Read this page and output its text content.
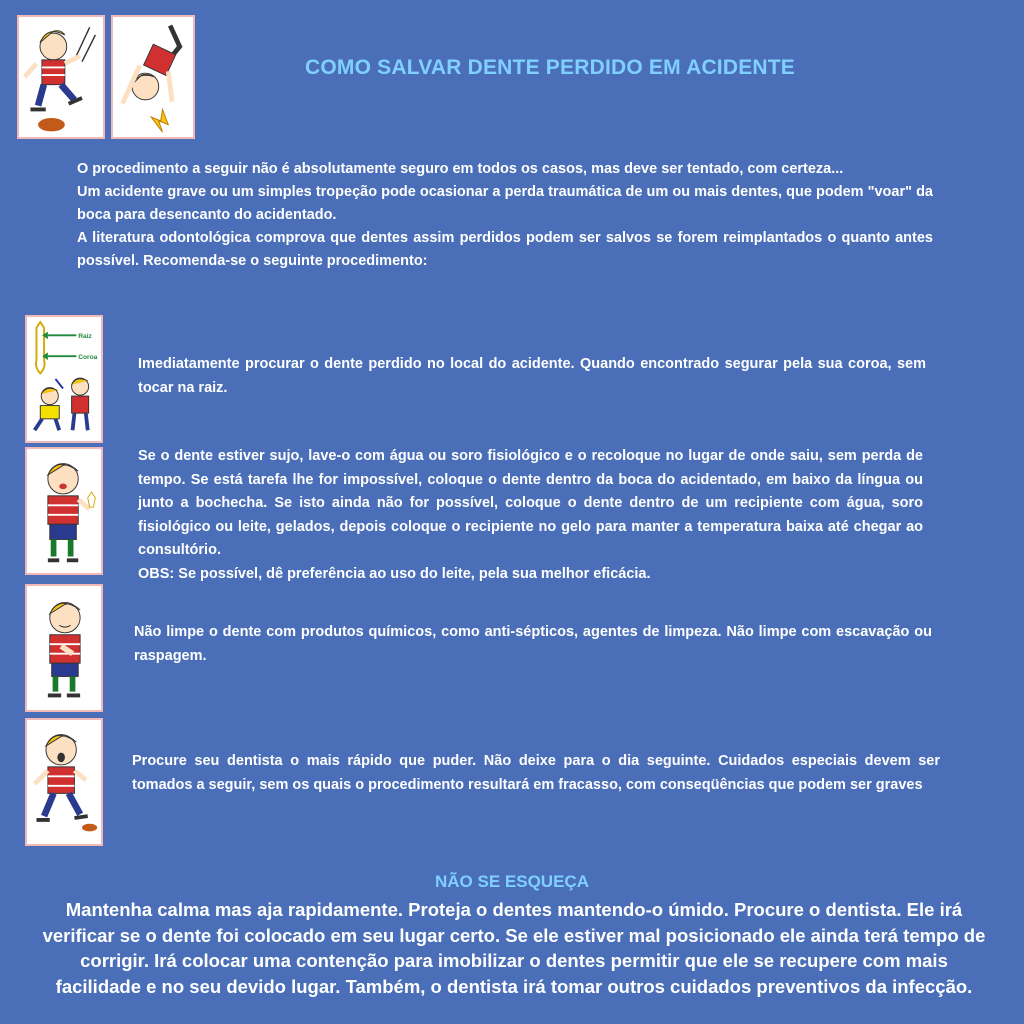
COMO SALVAR DENTE PERDIDO EM ACIDENTE

O procedimento a seguir não é absolutamente seguro em todos os casos, mas deve ser tentado, com certeza...

Um acidente grave ou um simples tropeção pode ocasionar a perda traumática de um ou mais dentes, que podem "voar" da boca para desencanto do acidentado.

A literatura odontológica comprova que dentes assim perdidos podem ser salvos se forem reimplantados o quanto antes possível. Recomenda-se o seguinte procedimento:

Raiz
Coroa	Imediatamente procurar o dente perdido no local do acidente. Quando encontrado segurar pela sua coroa, sem tocar na raiz.

Se o dente estiver sujo, lave-o com água ou soro fisiológico e o recoloque no lugar de onde saiu, sem perda de tempo. Se está tarefa lhe for impossível, coloque o dente dentro da boca do acidentado, em baixo da língua ou junto a bochecha. Se isto ainda não for possível, coloque o dente dentro de um recipiente com água, soro fisiológico ou leite, gelados, depois coloque o recipiente no gelo para manter a temperatura baixa até chegar ao consultório.

OBS: Se possível, dê preferência ao uso do leite, pela sua melhor eficácia.

Não limpe o dente com produtos químicos, como anti-sépticos, agentes de limpeza. Não limpe com escavação ou raspagem.

Procure seu dentista o mais rápido que puder. Não deixe para o dia seguinte. Cuidados especiais devem ser tomados a seguir, sem os quais o procedimento resultará em fracasso, com conseqüências que podem ser graves

NÃO SE ESQUEÇA
Mantenha calma mas aja rapidamente. Proteja o dentes mantendo-o úmido. Procure o dentista. Ele irá verificar se o dente foi colocado em seu lugar certo. Se ele estiver mal posicionado ele ainda terá tempo de corrigir. Irá colocar uma contenção para imobilizar o dentes permitir que ele se recupere com mais facilidade e no seu devido lugar. Também, o dentista irá tomar outros cuidados preventivos da infecção.
